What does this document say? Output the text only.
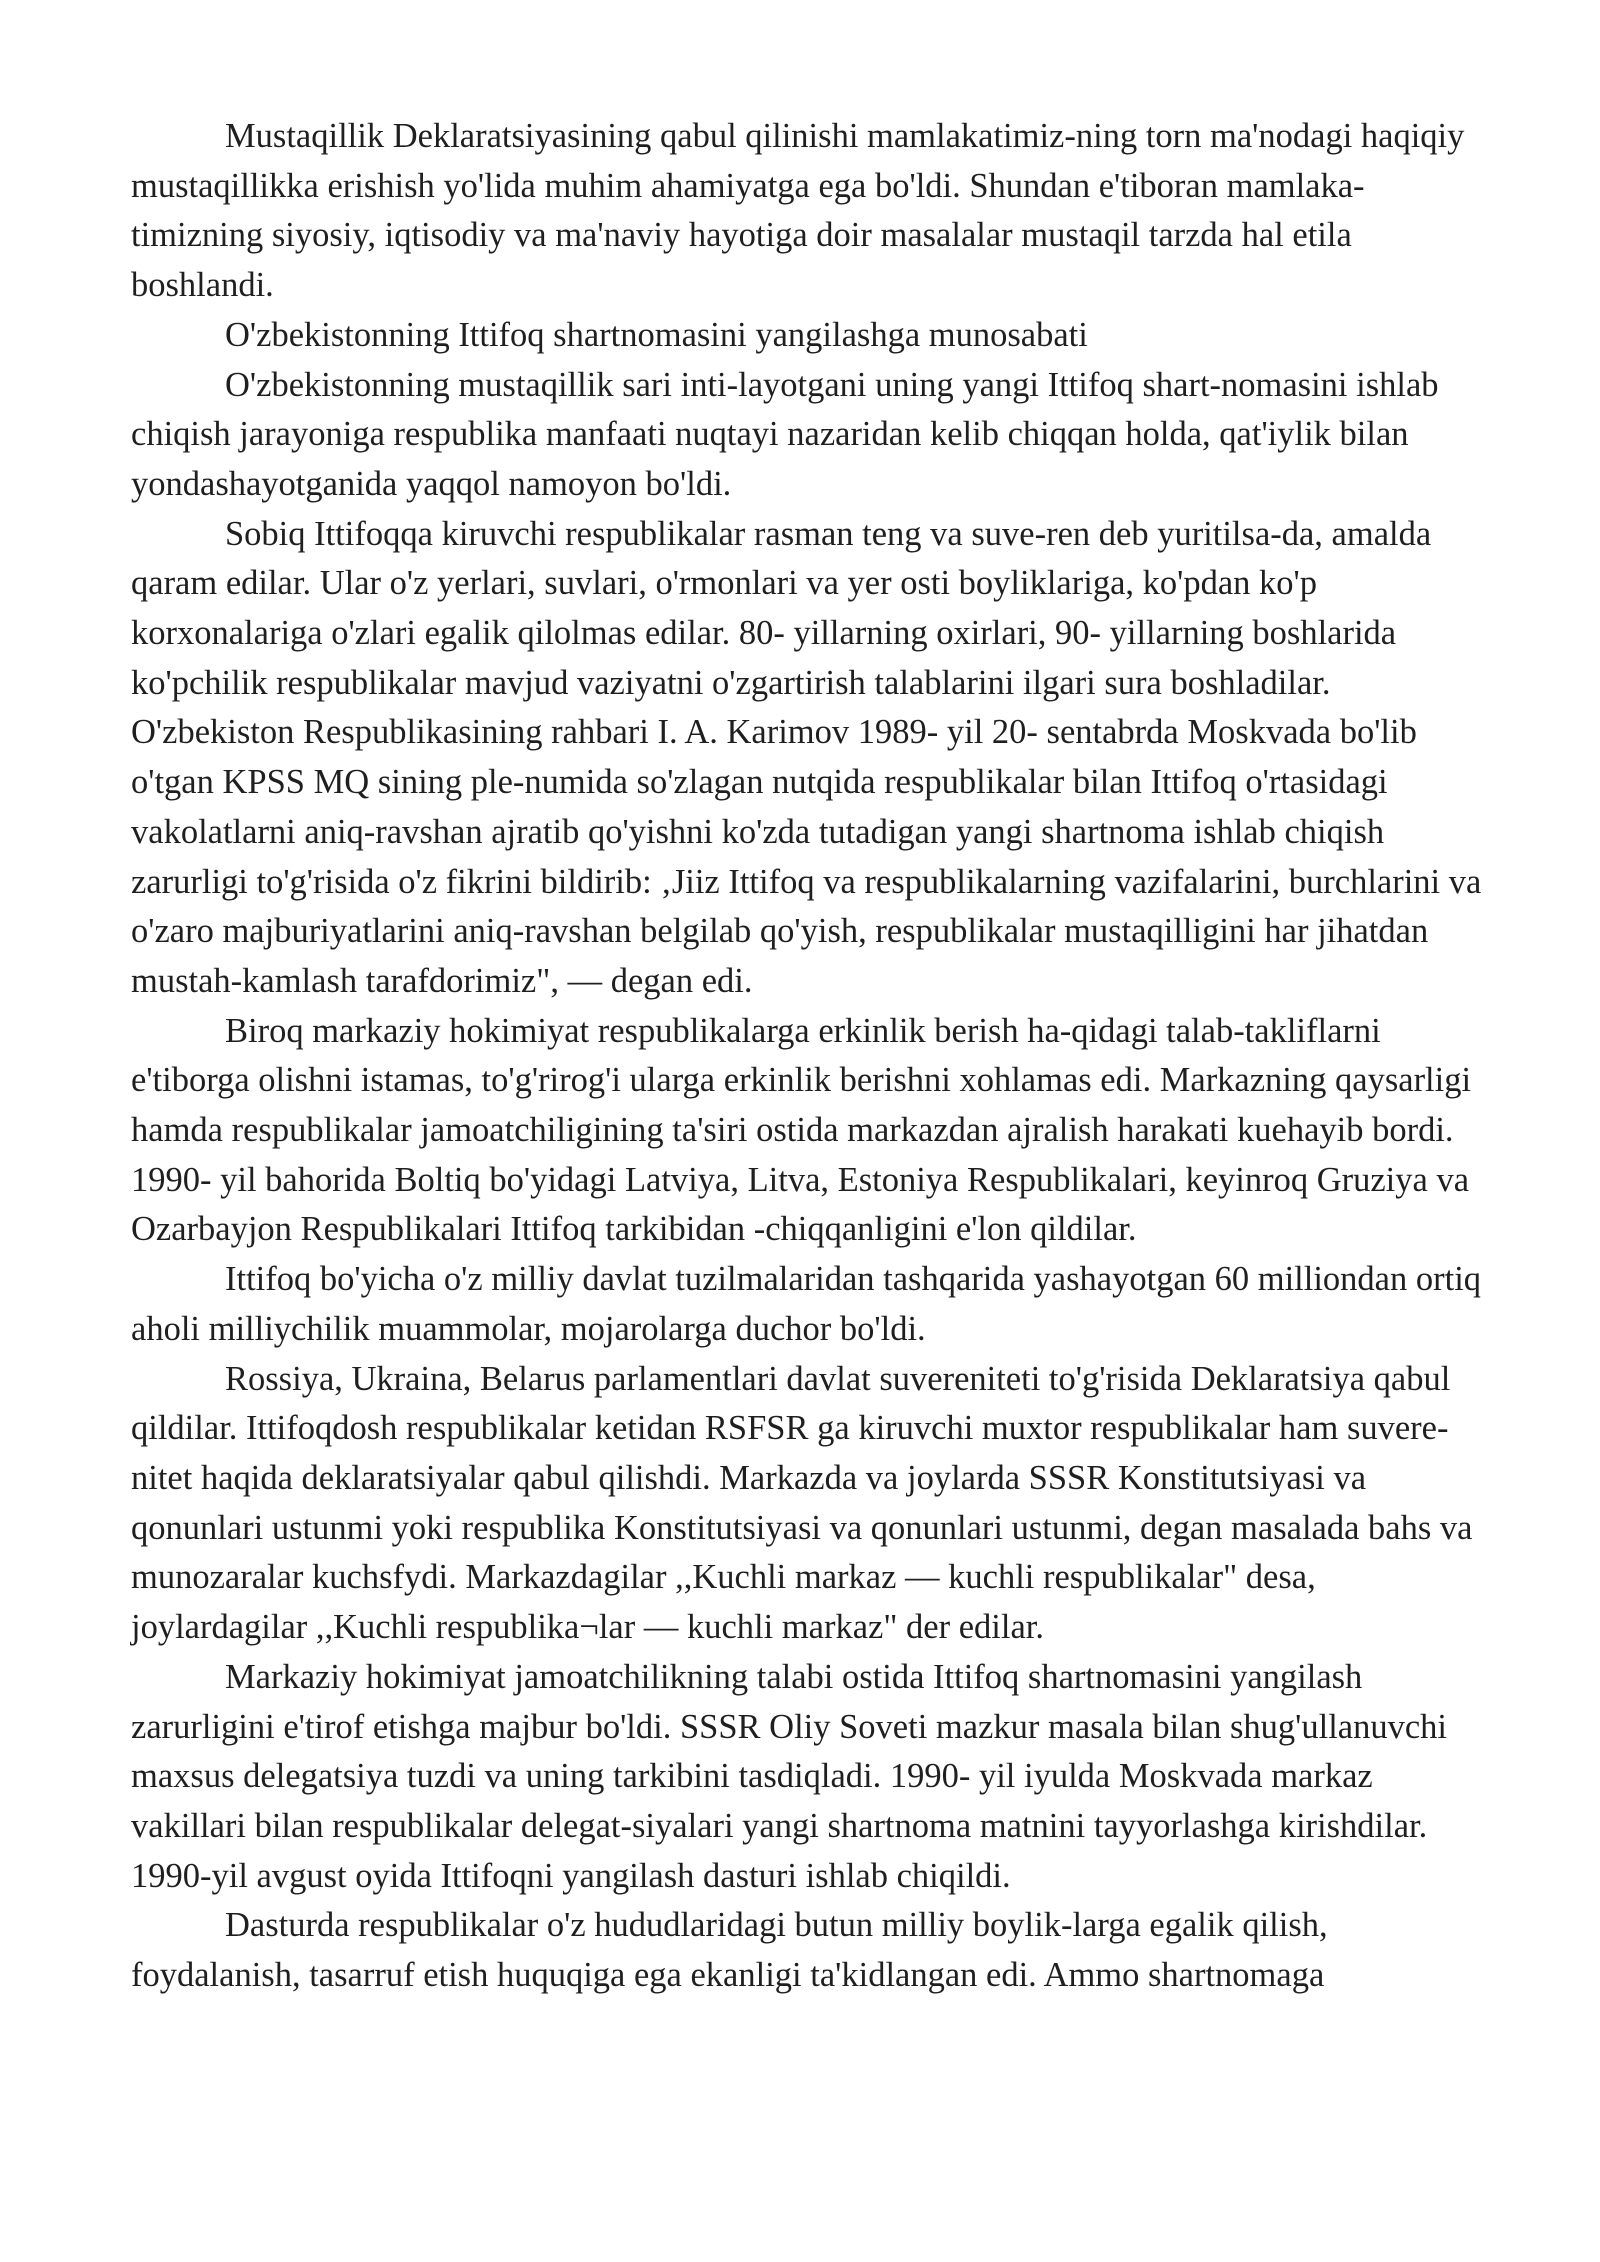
Mustaqillik Deklaratsiyasining qabul qilinishi mamlakatimiz-ning torn ma'nodagi haqiqiy mustaqillikka erishish yo'lida muhim ahamiyatga ega bo'ldi. Shundan e'tiboran mamlaka-timizning siyosiy, iqtisodiy va ma'naviy hayotiga doir masalalar mustaqil tarzda hal etila boshlandi.

O'zbekistonning Ittifoq shartnomasini yangilashga munosabati

O'zbekistonning mustaqillik sari inti-layotgani uning yangi Ittifoq shart-nomasini ishlab chiqish jarayoniga respublika manfaati nuqtayi nazaridan kelib chiqqan holda, qat'iylik bilan yondashayotganida yaqqol namoyon bo'ldi.

Sobiq Ittifoqqa kiruvchi respublikalar rasman teng va suve-ren deb yuritilsa-da, amalda qaram edilar. Ular o'z yerlari, suvlari, o'rmonlari va yer osti boyliklariga, ko'pdan ko'p korxonalariga o'zlari egalik qilolmas edilar. 80- yillarning oxirlari, 90- yillarning boshlarida ko'pchilik respublikalar mavjud vaziyatni o'zgartirish talablarini ilgari sura boshladilar. O'zbekiston Respublikasining rahbari I. A. Karimov 1989- yil 20- sentabrda Moskvada bo'lib o'tgan KPSS MQ sining ple-numida so'zlagan nutqida respublikalar bilan Ittifoq o'rtasidagi vakolatlarni aniq-ravshan ajratib qo'yishni ko'zda tutadigan yangi shartnoma ishlab chiqish zarurligi to'g'risida o'z fikrini bildirib: ‚Jiiz Ittifoq va respublikalarning vazifalarini, burchlarini va o'zaro majburiyatlarini aniq-ravshan belgilab qo'yish, respublikalar mustaqilligini har jihatdan mustah-kamlash tarafdorimiz", — degan edi.

Biroq markaziy hokimiyat respublikalarga erkinlik berish ha-qidagi talab-takliflarni e'tiborga olishni istamas, to'g'rirog'i ularga erkinlik berishni xohlamas edi. Markazning qaysarligi hamda respublikalar jamoatchiligining ta'siri ostida markazdan ajralish harakati kuehayib bordi. 1990- yil bahorida Boltiq bo'yidagi Latviya, Litva, Estoniya Respublikalari, keyinroq Gruziya va Ozarbayjon Respublikalari Ittifoq tarkibidan -chiqqanligini e'lon qildilar.

Ittifoq bo'yicha o'z milliy davlat tuzilmalaridan tashqarida yashayotgan 60 milliondan ortiq aholi milliychilik muammolar, mojarolarga duchor bo'ldi.

Rossiya, Ukraina, Belarus parlamentlari davlat suvereniteti to'g'risida Deklaratsiya qabul qildilar. Ittifoqdosh respublikalar ketidan RSFSR ga kiruvchi muxtor respublikalar ham suvere-nitet haqida deklaratsiyalar qabul qilishdi. Markazda va joylarda SSSR Konstitutsiyasi va qonunlari ustunmi yoki respublika Konstitutsiyasi va qonunlari ustunmi, degan masalada bahs va munozaralar kuchsfydi. Markazdagilar ,,Kuchli markaz — kuchli respublikalar" desa, joylardagilar ,,Kuchli respublika¬lar — kuchli markaz" der edilar.

Markaziy hokimiyat jamoatchilikning talabi ostida Ittifoq shartnomasini yangilash zarurligini e'tirof etishga majbur bo'ldi. SSSR Oliy Soveti mazkur masala bilan shug'ullanuvchi maxsus delegatsiya tuzdi va uning tarkibini tasdiqladi. 1990- yil iyulda Moskvada markaz vakillari bilan respublikalar delegat-siyalari yangi shartnoma matnini tayyorlashga kirishdilar. 1990-yil avgust oyida Ittifoqni yangilash dasturi ishlab chiqildi.

Dasturda respublikalar o'z hududlaridagi butun milliy boylik-larga egalik qilish, foydalanish, tasarruf etish huquqiga ega ekanligi ta'kidlangan edi. Ammo shartnomaga
